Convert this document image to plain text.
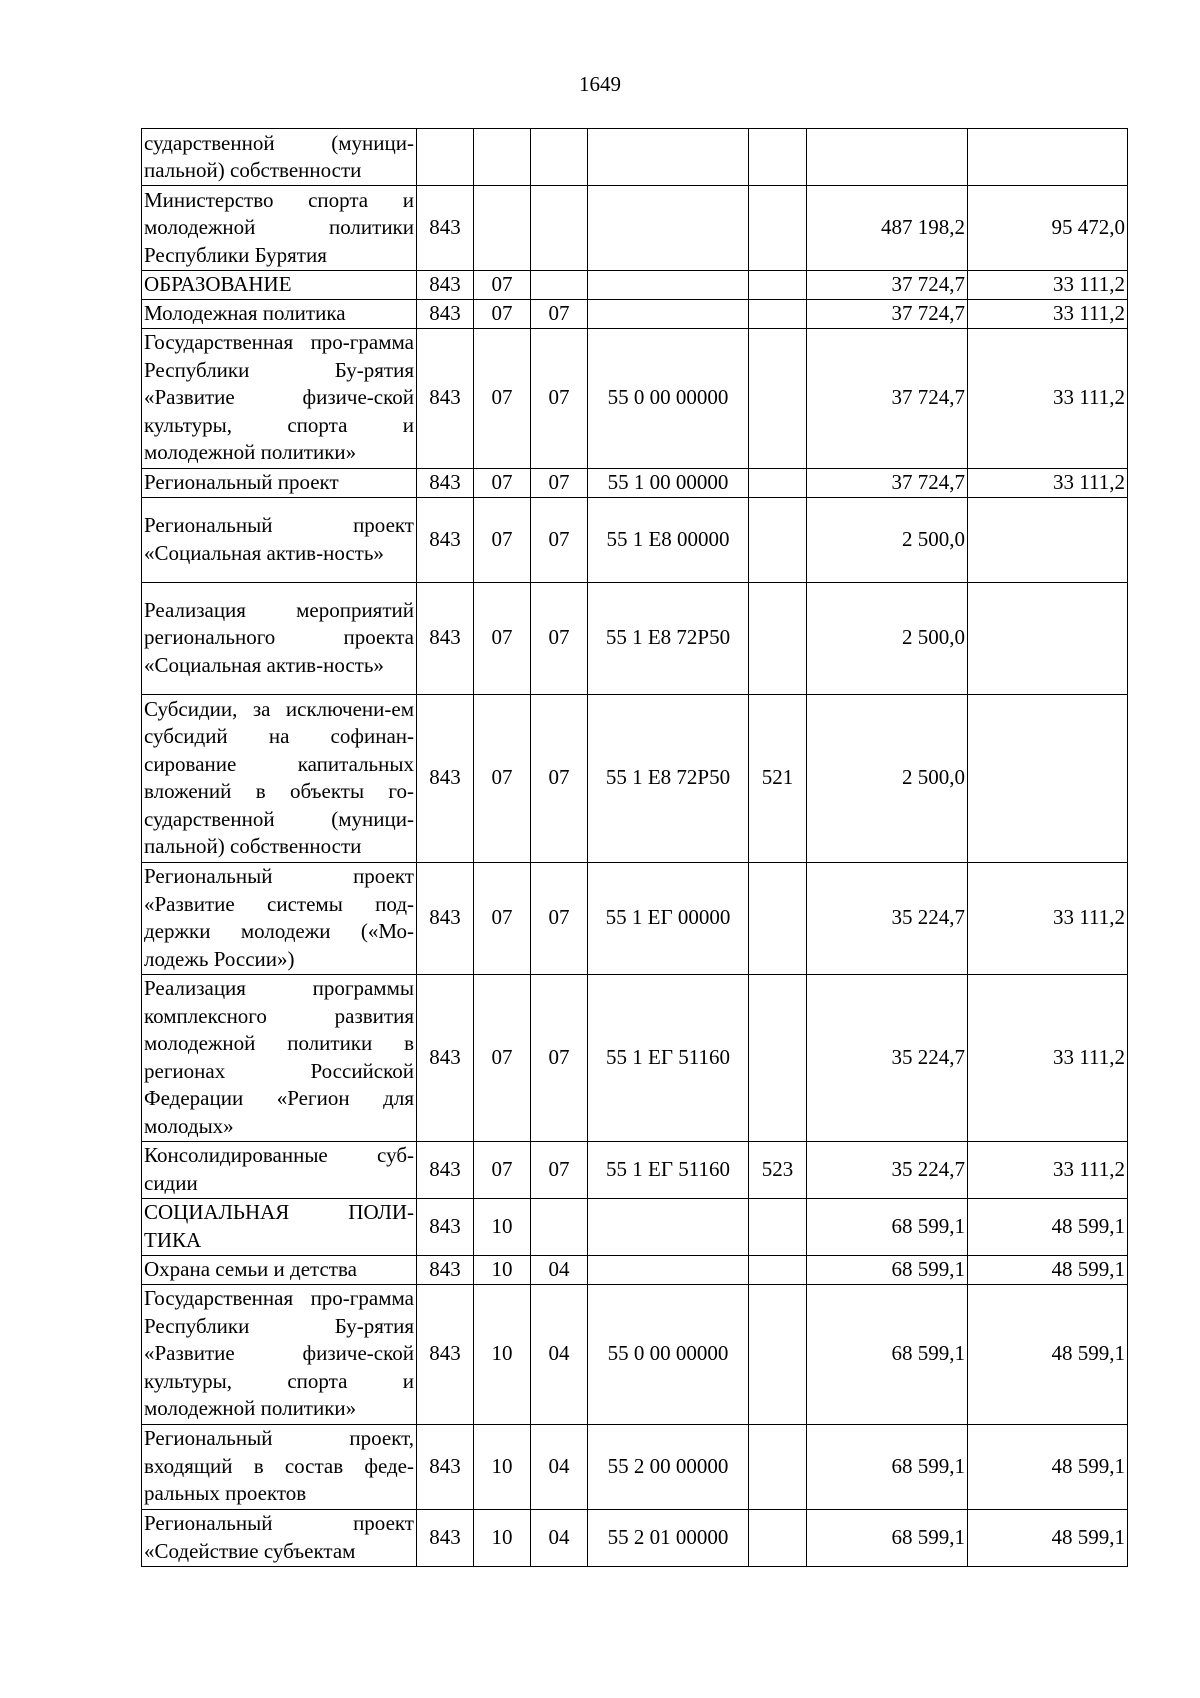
1649
сударственной (муници-пальной) собственности							
Министерство спорта и молодежной политики Республики Бурятия	843					487 198,2	95 472,0
ОБРАЗОВАНИЕ	843	07				37 724,7	33 111,2
Молодежная политика	843	07	07			37 724,7	33 111,2
Государственная про-грамма Республики Бу-рятия «Развитие физиче-ской культуры, спорта и молодежной политики»	843	07	07	55 0 00 00000		37 724,7	33 111,2
Региональный проект	843	07	07	55 1 00 00000		37 724,7	33 111,2
Региональный проект «Социальная актив-ность»	843	07	07	55 1 Е8 00000		2 500,0	
Реализация мероприятий регионального проекта «Социальная актив-ность»	843	07	07	55 1 Е8 72Р50		2 500,0	
Субсидии, за исключени-ем субсидий на софинан-сирование капитальных вложений в объекты го-сударственной (муници-пальной) собственности	843	07	07	55 1 Е8 72Р50	521	2 500,0	
Региональный проект «Развитие системы под-держки молодежи («Мо-лодежь России»)	843	07	07	55 1 ЕГ 00000		35 224,7	33 111,2
Реализация программы комплексного развития молодежной политики в регионах Российской Федерации «Регион для молодых»	843	07	07	55 1 ЕГ 51160		35 224,7	33 111,2
Консолидированные суб-сидии	843	07	07	55 1 ЕГ 51160	523	35 224,7	33 111,2
СОЦИАЛЬНАЯ ПОЛИ-ТИКА	843	10				68 599,1	48 599,1
Охрана семьи и детства	843	10	04			68 599,1	48 599,1
Государственная про-грамма Республики Бу-рятия «Развитие физиче-ской культуры, спорта и молодежной политики»	843	10	04	55 0 00 00000		68 599,1	48 599,1
Региональный проект, входящий в состав феде-ральных проектов	843	10	04	55 2 00 00000		68 599,1	48 599,1
Региональный проект «Содействие субъектам	843	10	04	55 2 01 00000		68 599,1	48 599,1
